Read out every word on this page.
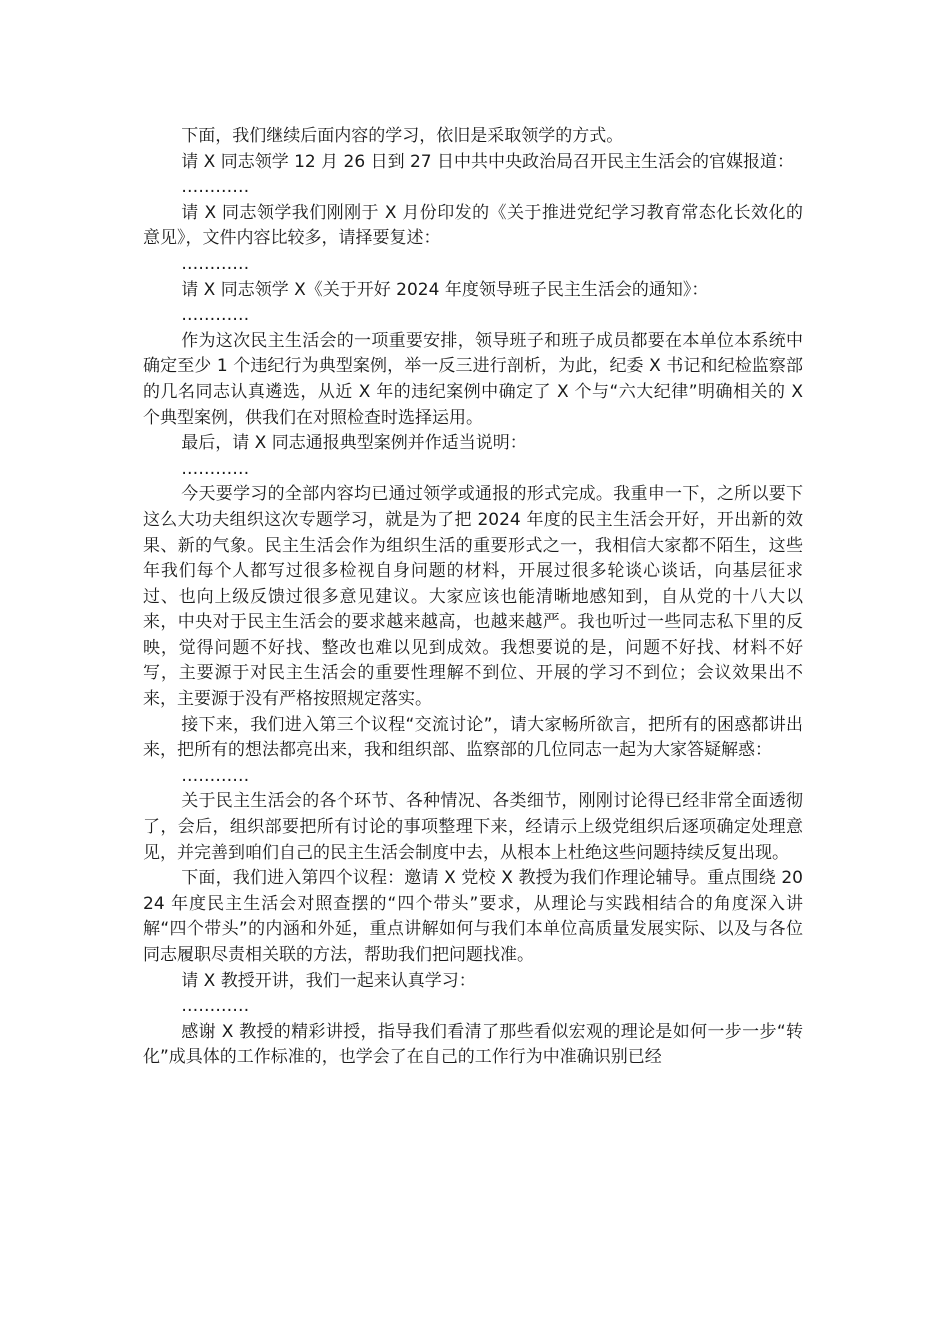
下面，我们继续后面内容的学习，依旧是采取领学的方式。

请 X 同志领学 12 月 26 日到 27 日中共中央政治局召开民主生活会的官媒报道：

…………

请 X 同志领学我们刚刚于 X 月份印发的《关于推进党纪学习教育常态化长效化的意见》，文件内容比较多，请择要复述：

…………

请 X 同志领学 X《关于开好 2024 年度领导班子民主生活会的通知》：

…………

作为这次民主生活会的一项重要安排，领导班子和班子成员都要在本单位本系统中确定至少 1 个违纪行为典型案例，举一反三进行剖析，为此，纪委 X 书记和纪检监察部的几名同志认真遴选，从近 X 年的违纪案例中确定了 X 个与“六大纪律”明确相关的 X 个典型案例，供我们在对照检查时选择运用。

最后，请 X 同志通报典型案例并作适当说明：

…………

今天要学习的全部内容均已通过领学或通报的形式完成。我重申一下，之所以要下这么大功夫组织这次专题学习，就是为了把 2024 年度的民主生活会开好，开出新的效果、新的气象。民主生活会作为组织生活的重要形式之一，我相信大家都不陌生，这些年我们每个人都写过很多检视自身问题的材料，开展过很多轮谈心谈话，向基层征求过、也向上级反馈过很多意见建议。大家应该也能清晰地感知到，自从党的十八大以来，中央对于民主生活会的要求越来越高，也越来越严。我也听过一些同志私下里的反映，觉得问题不好找、整改也难以见到成效。我想要说的是，问题不好找、材料不好写，主要源于对民主生活会的重要性理解不到位、开展的学习不到位；会议效果出不来，主要源于没有严格按照规定落实。

接下来，我们进入第三个议程“交流讨论”，请大家畅所欲言，把所有的困惑都讲出来，把所有的想法都亮出来，我和组织部、监察部的几位同志一起为大家答疑解惑：

…………

关于民主生活会的各个环节、各种情况、各类细节，刚刚讨论得已经非常全面透彻了，会后，组织部要把所有讨论的事项整理下来，经请示上级党组织后逐项确定处理意见，并完善到咱们自己的民主生活会制度中去，从根本上杜绝这些问题持续反复出现。

下面，我们进入第四个议程：邀请 X 党校 X 教授为我们作理论辅导。重点围绕 2024 年度民主生活会对照查摆的“四个带头”要求，从理论与实践相结合的角度深入讲解“四个带头”的内涵和外延，重点讲解如何与我们本单位高质量发展实际、以及与各位同志履职尽责相关联的方法，帮助我们把问题找准。

请 X 教授开讲，我们一起来认真学习：

…………

感谢 X 教授的精彩讲授，指导我们看清了那些看似宏观的理论是如何一步一步“转化”成具体的工作标准的，也学会了在自己的工作行为中准确识别已经
